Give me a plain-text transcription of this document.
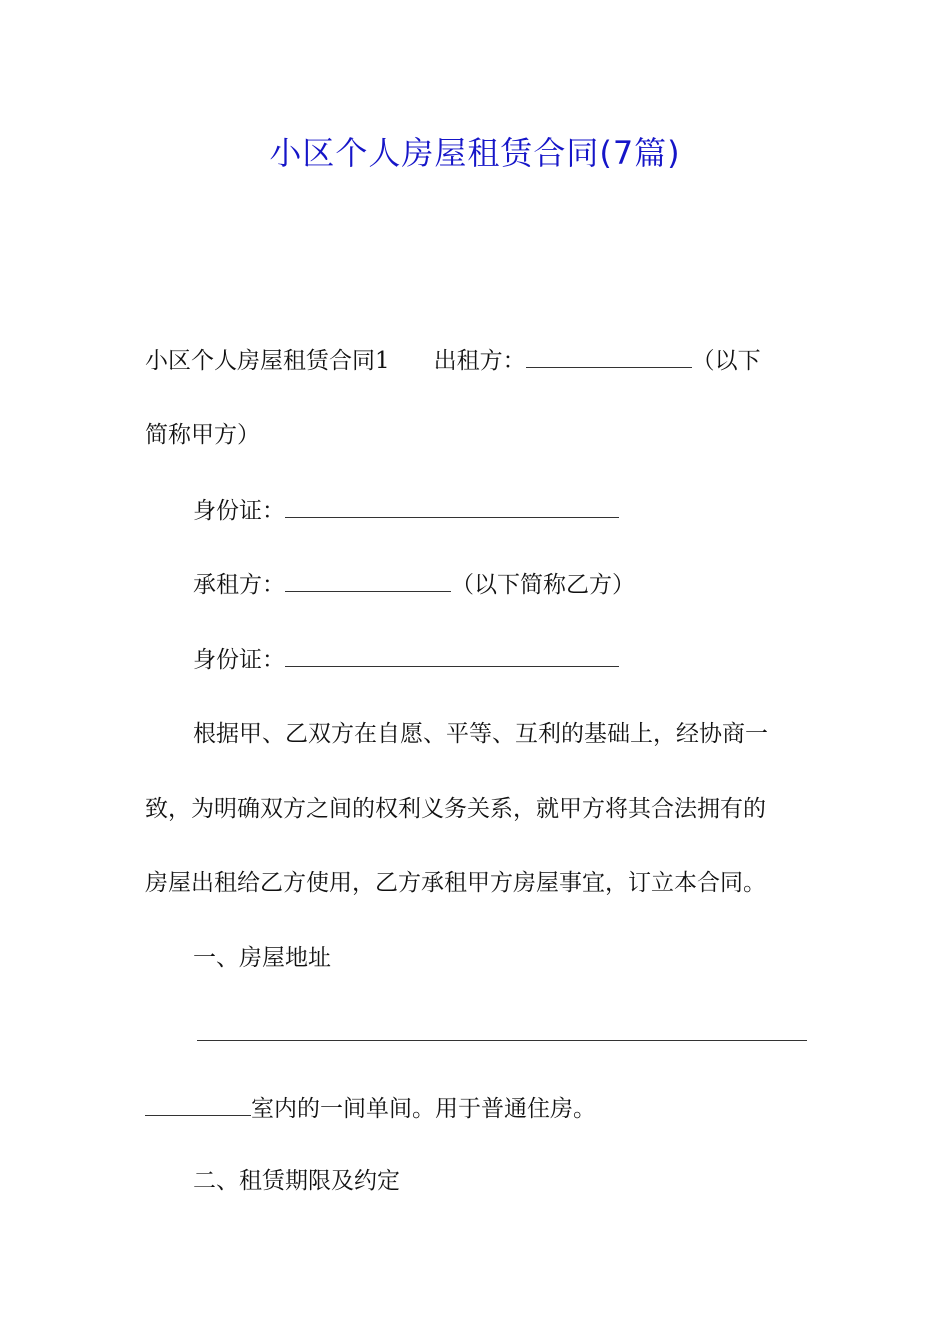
小区个人房屋租赁合同(7篇)
小区个人房屋租赁合同1 出租方：	（以下
简称甲方）
身份证：
承租方：	（以下简称乙方）
身份证：
根据甲、乙双方在自愿、平等、互利的基础上，经协商一
致，为明确双方之间的权利义务关系，就甲方将其合法拥有的
房屋出租给乙方使用，乙方承租甲方房屋事宜，订立本合同。
一、房屋地址
室内的一间单间。用于普通住房。
二、租赁期限及约定
